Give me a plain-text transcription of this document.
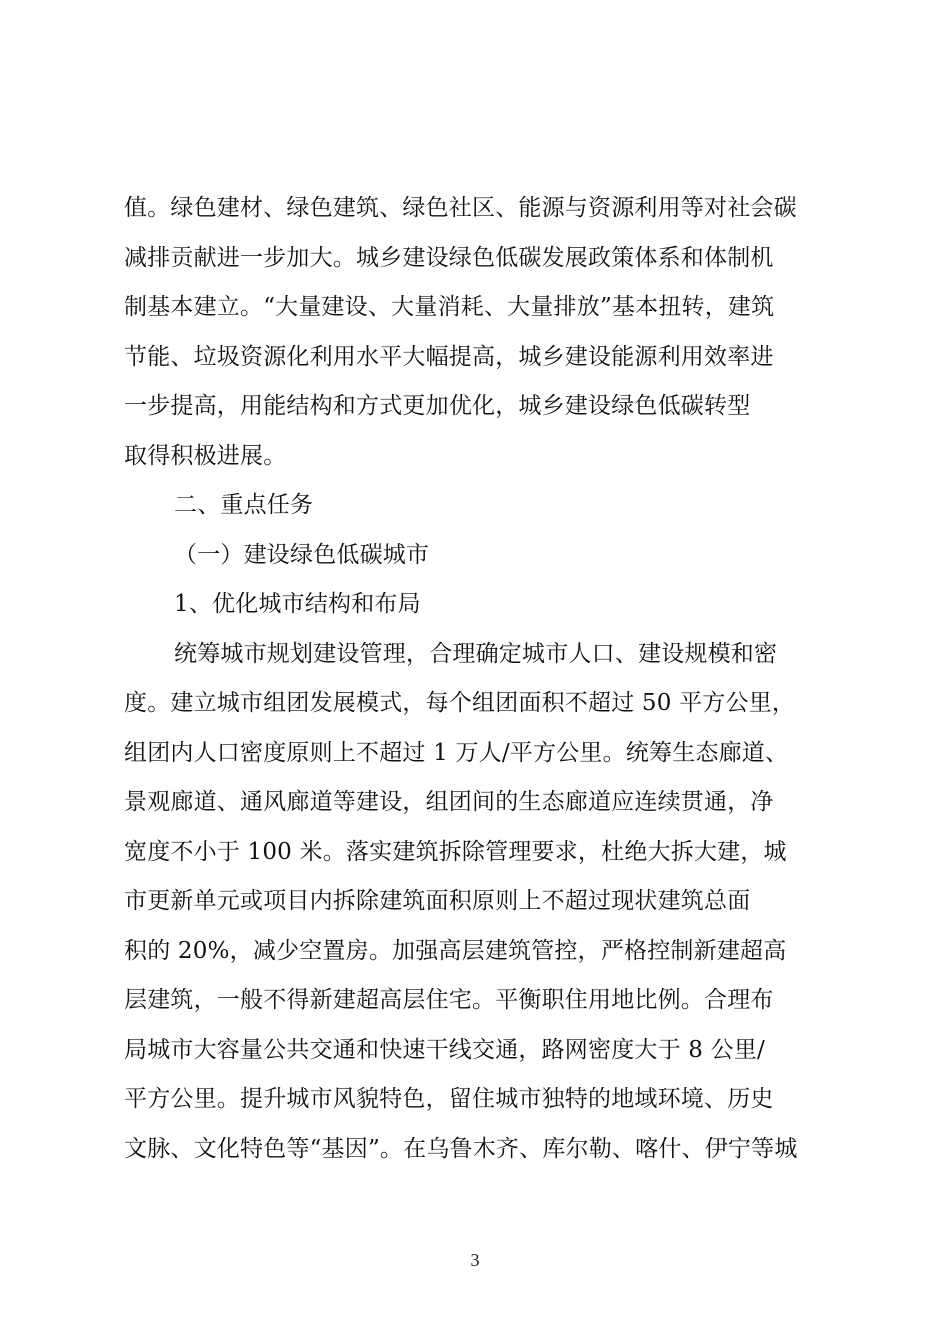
值。绿色建材、绿色建筑、绿色社区、能源与资源利用等对社会碳
减排贡献进一步加大。城乡建设绿色低碳发展政策体系和体制机
制基本建立。“大量建设、大量消耗、大量排放”基本扭转，建筑
节能、垃圾资源化利用水平大幅提高，城乡建设能源利用效率进
一步提高，用能结构和方式更加优化，城乡建设绿色低碳转型
取得积极进展。
二、重点任务
（一）建设绿色低碳城市
1、优化城市结构和布局
统筹城市规划建设管理，合理确定城市人口、建设规模和密
度。建立城市组团发展模式，每个组团面积不超过 50 平方公里，
组团内人口密度原则上不超过 1 万人/平方公里。统筹生态廊道、
景观廊道、通风廊道等建设，组团间的生态廊道应连续贯通，净
宽度不小于 100 米。落实建筑拆除管理要求，杜绝大拆大建，城
市更新单元或项目内拆除建筑面积原则上不超过现状建筑总面
积的 20%，减少空置房。加强高层建筑管控，严格控制新建超高
层建筑，一般不得新建超高层住宅。平衡职住用地比例。合理布
局城市大容量公共交通和快速干线交通，路网密度大于 8 公里/
平方公里。提升城市风貌特色，留住城市独特的地域环境、历史
文脉、文化特色等“基因”。在乌鲁木齐、库尔勒、喀什、伊宁等城
3
